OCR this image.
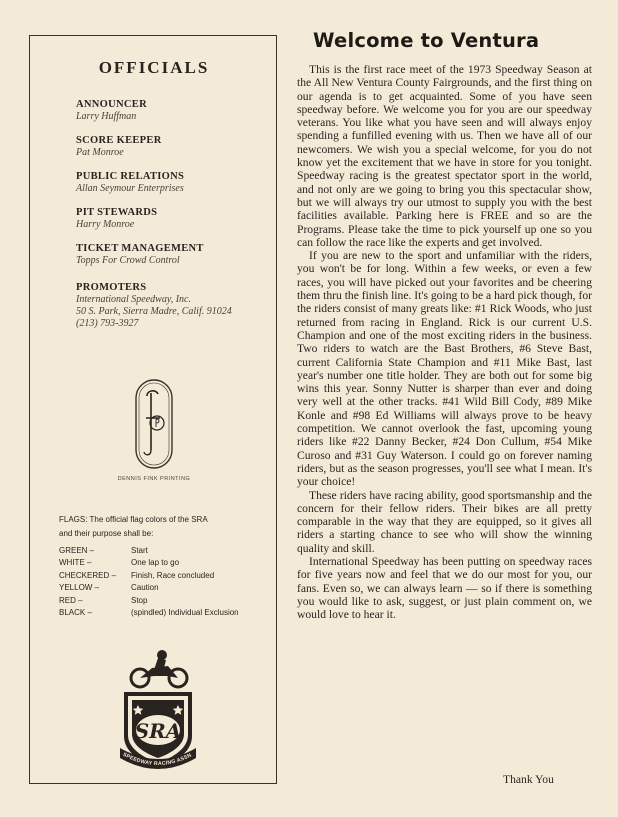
OFFICIALS
ANNOUNCER
Larry Huffman
SCORE KEEPER
Pat Monroe
PUBLIC RELATIONS
Allan Seymour Enterprises
PIT STEWARDS
Harry Monroe
TICKET MANAGEMENT
Topps For Crowd Control
PROMOTERS
International Speedway, Inc.
50 S. Park, Sierra Madre, Calif. 91024
(213) 793-3927
DENNIS FINK PRINTING
FLAGS: The official flag colors of the SRA
and their purpose shall be:
GREEN –	Start
WHITE –	One lap to go
CHECKERED –	Finish, Race concluded
YELLOW –	Caution
RED –	Stop
BLACK –	(spindled) Individual Exclusion
SRA
SPEEDWAY RACING ASSN
Welcome to Ventura

This is the first race meet of the 1973 Speedway Season at the All New Ventura County Fairgrounds, and the first thing on our agenda is to get acquainted. Some of you have seen speedway before. We welcome you for you are our speedway veterans. You like what you have seen and will always enjoy spending a funfilled evening with us. Then we have all of our newcomers. We wish you a special welcome, for you do not know yet the excitement that we have in store for you tonight. Speedway racing is the greatest spectator sport in the world, and not only are we going to bring you this spectacular show, but we will always try our utmost to supply you with the best facilities available. Parking here is FREE and so are the Programs. Please take the time to pick yourself up one so you can follow the race like the experts and get involved.

If you are new to the sport and unfamiliar with the riders, you won't be for long. Within a few weeks, or even a few races, you will have picked out your favorites and be cheering them thru the finish line. It's going to be a hard pick though, for the riders consist of many greats like: #1 Rick Woods, who just returned from racing in England. Rick is our current U.S. Champion and one of the most exciting riders in the business. Two riders to watch are the Bast Brothers, #6 Steve Bast, current California State Champion and #11 Mike Bast, last year's number one title holder. They are both out for some big wins this year. Sonny Nutter is sharper than ever and doing very well at the other tracks. #41 Wild Bill Cody, #89 Mike Konle and #98 Ed Williams will always prove to be heavy competition. We cannot overlook the fast, upcoming young riders like #22 Danny Becker, #24 Don Cullum, #54 Mike Curoso and #31 Guy Waterson. I could go on forever naming riders, but as the season progresses, you'll see what I mean. It's your choice!

These riders have racing ability, good sportsmanship and the concern for their fellow riders. Their bikes are all pretty comparable in the way that they are equipped, so it gives all riders a starting chance to see who will show the winning quality and skill.

International Speedway has been putting on speedway races for five years now and feel that we do our most for you, our fans. Even so, we can always learn — so if there is something you would like to ask, suggest, or just plain comment on, we would love to hear it.

Thank You
